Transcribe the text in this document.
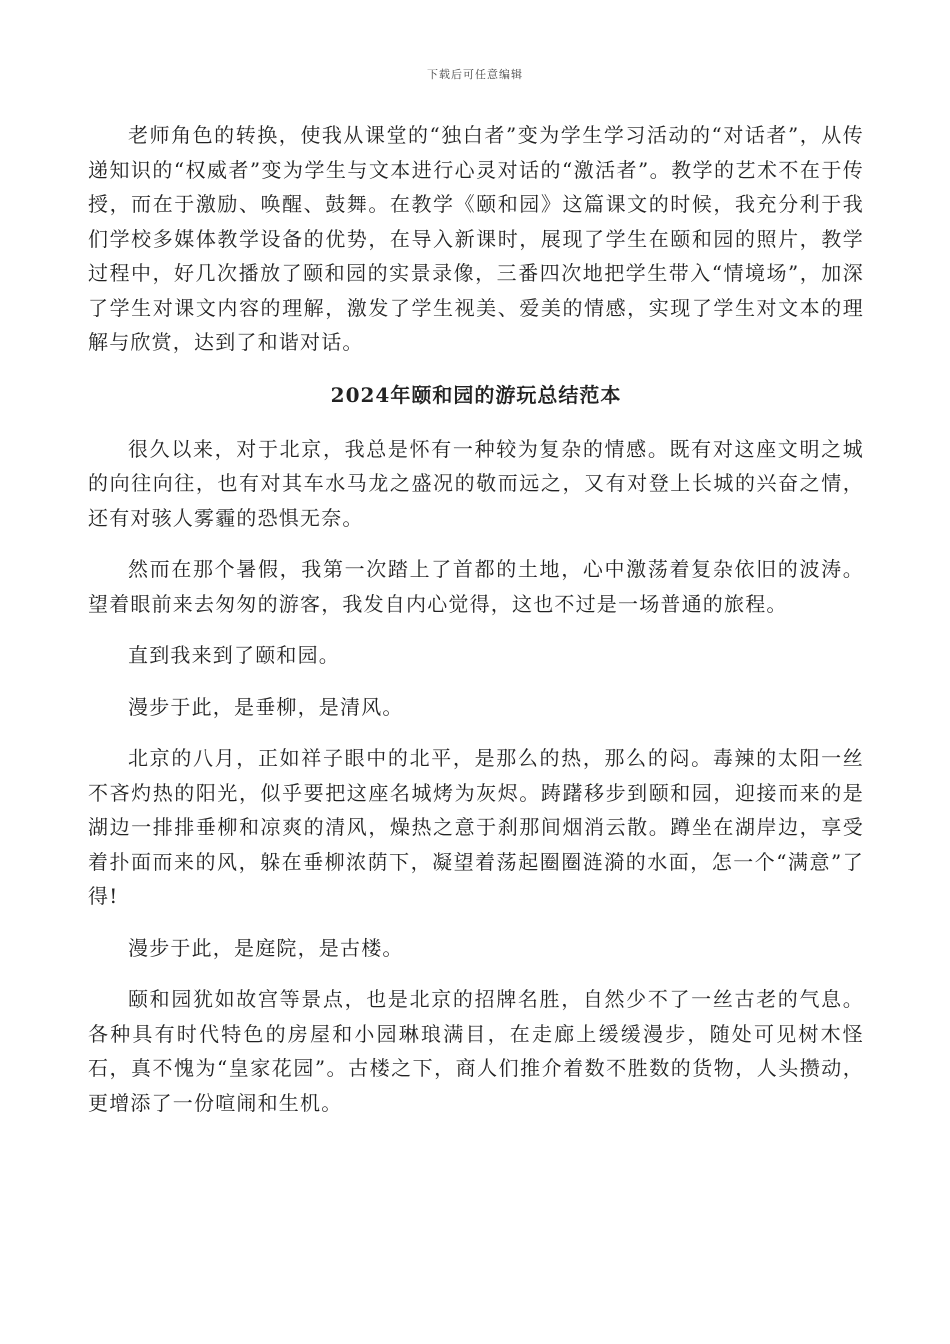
下载后可任意编辑

老师角色的转换，使我从课堂的“独白者”变为学生学习活动的“对话者”，从传递知识的“权威者”变为学生与文本进行心灵对话的“激活者”。教学的艺术不在于传授，而在于激励、唤醒、鼓舞。在教学《颐和园》这篇课文的时候，我充分利于我们学校多媒体教学设备的优势，在导入新课时，展现了学生在颐和园的照片，教学过程中，好几次播放了颐和园的实景录像，三番四次地把学生带入“情境场”，加深了学生对课文内容的理解，激发了学生视美、爱美的情感，实现了学生对文本的理解与欣赏，达到了和谐对话。

2024年颐和园的游玩总结范本

很久以来，对于北京，我总是怀有一种较为复杂的情感。既有对这座文明之城的向往向往，也有对其车水马龙之盛况的敬而远之，又有对登上长城的兴奋之情，还有对骇人雾霾的恐惧无奈。

然而在那个暑假，我第一次踏上了首都的土地，心中激荡着复杂依旧的波涛。望着眼前来去匆匆的游客，我发自内心觉得，这也不过是一场普通的旅程。

直到我来到了颐和园。

漫步于此，是垂柳，是清风。

北京的八月，正如祥子眼中的北平，是那么的热，那么的闷。毒辣的太阳一丝不吝灼热的阳光，似乎要把这座名城烤为灰烬。踌躇移步到颐和园，迎接而来的是湖边一排排垂柳和凉爽的清风，燥热之意于刹那间烟消云散。蹲坐在湖岸边，享受着扑面而来的风，躲在垂柳浓荫下，凝望着荡起圈圈涟漪的水面，怎一个“满意”了得!

漫步于此，是庭院，是古楼。

颐和园犹如故宫等景点，也是北京的招牌名胜，自然少不了一丝古老的气息。各种具有时代特色的房屋和小园琳琅满目，在走廊上缓缓漫步，随处可见树木怪石，真不愧为“皇家花园”。古楼之下，商人们推介着数不胜数的货物，人头攒动，更增添了一份喧闹和生机。
